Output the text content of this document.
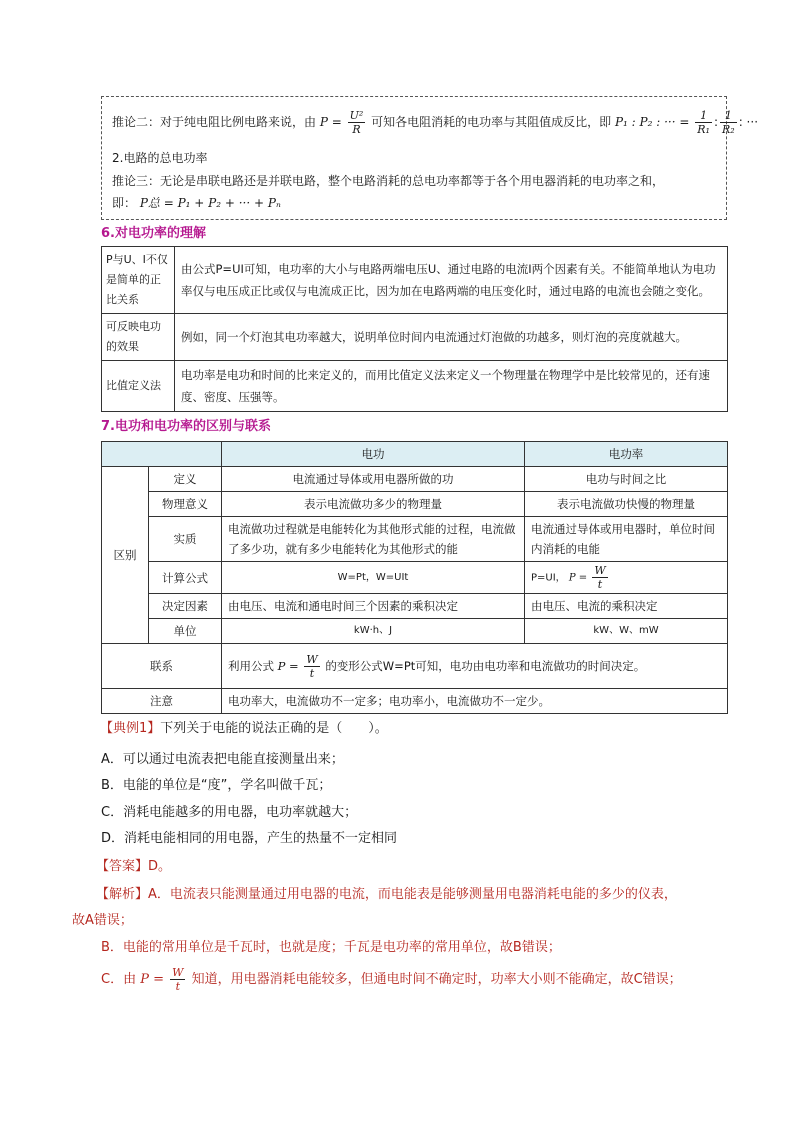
推论二：对于纯电阻比例电路来说，由 $P = \frac{\text{U²}}{R}$ 可知各电阻消耗的电功率与其阻值成反比，即 P₁ : P₂ : ··· = $\frac{1}{\text{R₁}}$ : $\frac{1}{\text{R₂}}$ : ···
2.电路的总电功率
推论三：无论是串联电路还是并联电路，整个电路消耗的总电功率都等于各个用电器消耗的电功率之和，
即： P总 = P₁ + P₂ + ··· + Pₙ
6.对电功率的理解
P与U、I不仅是简单的正比关系	由公式P=UI可知，电功率的大小与电路两端电压U、通过电路的电流I两个因素有关。不能简单地认为电功率仅与电压成正比或仅与电流成正比，因为加在电路两端的电压变化时，通过电路的电流也会随之变化。
可反映电功的效果	例如，同一个灯泡其电功率越大，说明单位时间内电流通过灯泡做的功越多，则灯泡的亮度就越大。
比值定义法	电功率是电功和时间的比来定义的，而用比值定义法来定义一个物理量在物理学中是比较常见的，还有速度、密度、压强等。
7.电功和电功率的区别与联系
		电功	电功率
区别	定义	电流通过导体或用电器所做的功	电功与时间之比
	物理意义	表示电流做功多少的物理量	表示电流做功快慢的物理量
	实质	电流做功过程就是电能转化为其他形式能的过程，电流做了多少功，就有多少电能转化为其他形式的能	电流通过导体或用电器时，单位时间内消耗的电能
	计算公式	W=Pt，W=UIt	P=UI， $P = \frac{W}{t}$

	决定因素	由电压、电流和通电时间三个因素的乘积决定	由电压、电流的乘积决定
	单位	kW·h、J	kW、W、mW
联系		利用公式 $P = \frac{W}{t}$ 的变形公式W=Pt可知，电功由电功率和电流做功的时间决定。	
注意		电功率大，电流做功不一定多；电功率小，电流做功不一定少。	
【典例1】下列关于电能的说法正确的是（　　）。
A．可以通过电流表把电能直接测量出来；
B．电能的单位是“度”，学名叫做千瓦；
C．消耗电能越多的用电器，电功率就越大；
D．消耗电能相同的用电器，产生的热量不一定相同
【答案】D。
【解析】A．电流表只能测量通过用电器的电流，而电能表是能够测量用电器消耗电能的多少的仪表，
故A错误；
B．电能的常用单位是千瓦时，也就是度；千瓦是电功率的常用单位，故B错误；
C．由 $P = \frac{W}{t}$ 知道，用电器消耗电能较多，但通电时间不确定时，功率大小则不能确定，故C错误；
